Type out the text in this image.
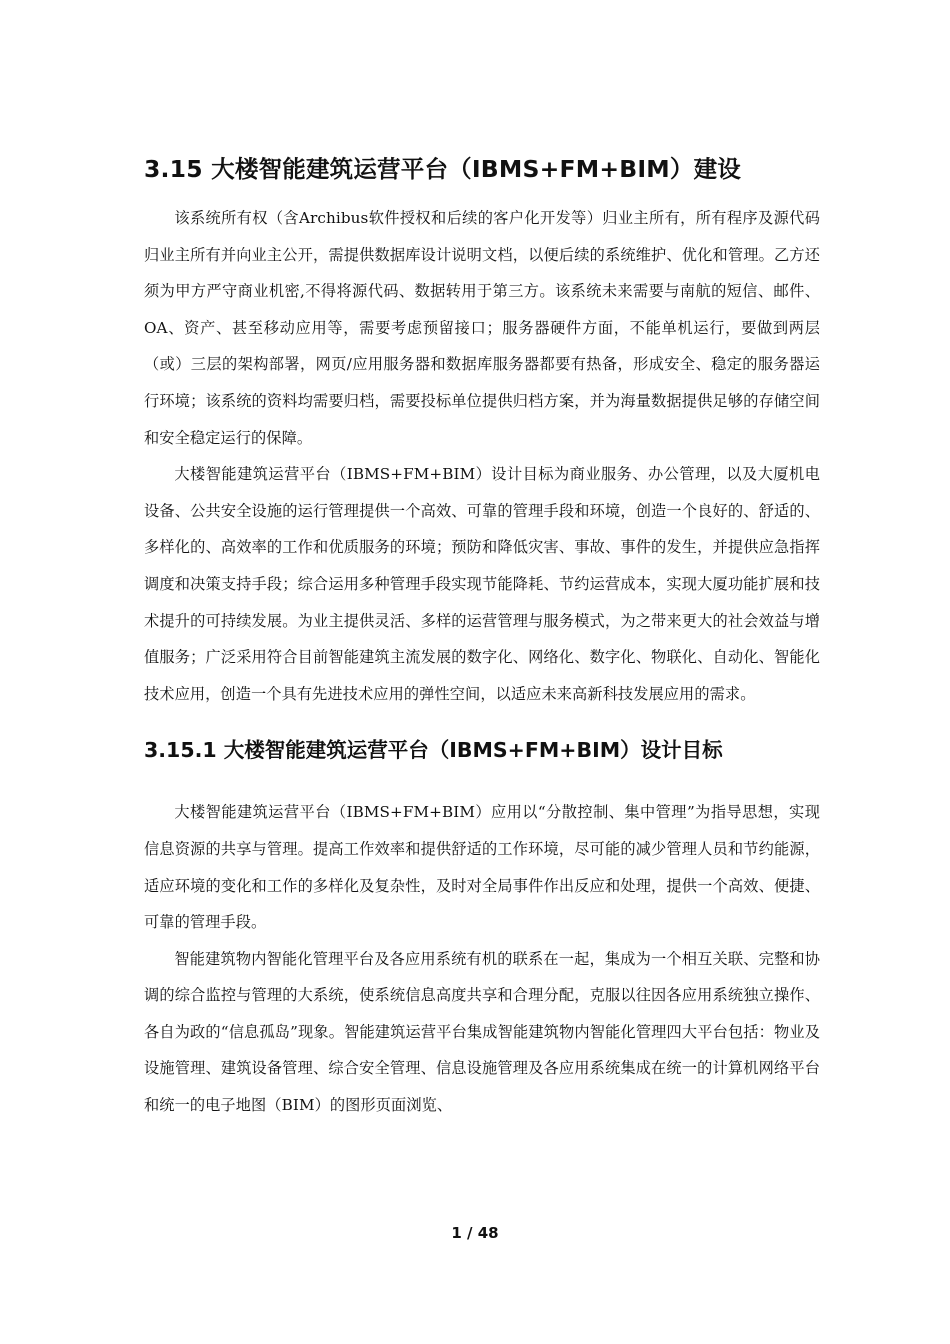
3.15 大楼智能建筑运营平台（IBMS+FM+BIM）建设

该系统所有权（含Archibus软件授权和后续的客户化开发等）归业主所有，所有程序及源代码归业主所有并向业主公开，需提供数据库设计说明文档，以便后续的系统维护、优化和管理。乙方还须为甲方严守商业机密,不得将源代码、数据转用于第三方。该系统未来需要与南航的短信、邮件、OA、资产、甚至移动应用等，需要考虑预留接口；服务器硬件方面，不能单机运行，要做到两层（或）三层的架构部署，网页/应用服务器和数据库服务器都要有热备，形成安全、稳定的服务器运行环境；该系统的资料均需要归档，需要投标单位提供归档方案，并为海量数据提供足够的存储空间和安全稳定运行的保障。

大楼智能建筑运营平台（IBMS+FM+BIM）设计目标为商业服务、办公管理，以及大厦机电设备、公共安全设施的运行管理提供一个高效、可靠的管理手段和环境，创造一个良好的、舒适的、多样化的、高效率的工作和优质服务的环境；预防和降低灾害、事故、事件的发生，并提供应急指挥调度和决策支持手段；综合运用多种管理手段实现节能降耗、节约运营成本，实现大厦功能扩展和技术提升的可持续发展。为业主提供灵活、多样的运营管理与服务模式，为之带来更大的社会效益与增值服务；广泛采用符合目前智能建筑主流发展的数字化、网络化、数字化、物联化、自动化、智能化技术应用，创造一个具有先进技术应用的弹性空间，以适应未来高新科技发展应用的需求。

3.15.1 大楼智能建筑运营平台（IBMS+FM+BIM）设计目标

大楼智能建筑运营平台（IBMS+FM+BIM）应用以“分散控制、集中管理”为指导思想，实现信息资源的共享与管理。提高工作效率和提供舒适的工作环境，尽可能的减少管理人员和节约能源，适应环境的变化和工作的多样化及复杂性，及时对全局事件作出反应和处理，提供一个高效、便捷、可靠的管理手段。

智能建筑物内智能化管理平台及各应用系统有机的联系在一起，集成为一个相互关联、完整和协调的综合监控与管理的大系统，使系统信息高度共享和合理分配，克服以往因各应用系统独立操作、各自为政的“信息孤岛”现象。智能建筑运营平台集成智能建筑物内智能化管理四大平台包括：物业及设施管理、建筑设备管理、综合安全管理、信息设施管理及各应用系统集成在统一的计算机网络平台和统一的电子地图（BIM）的图形页面浏览、

1 / 48
